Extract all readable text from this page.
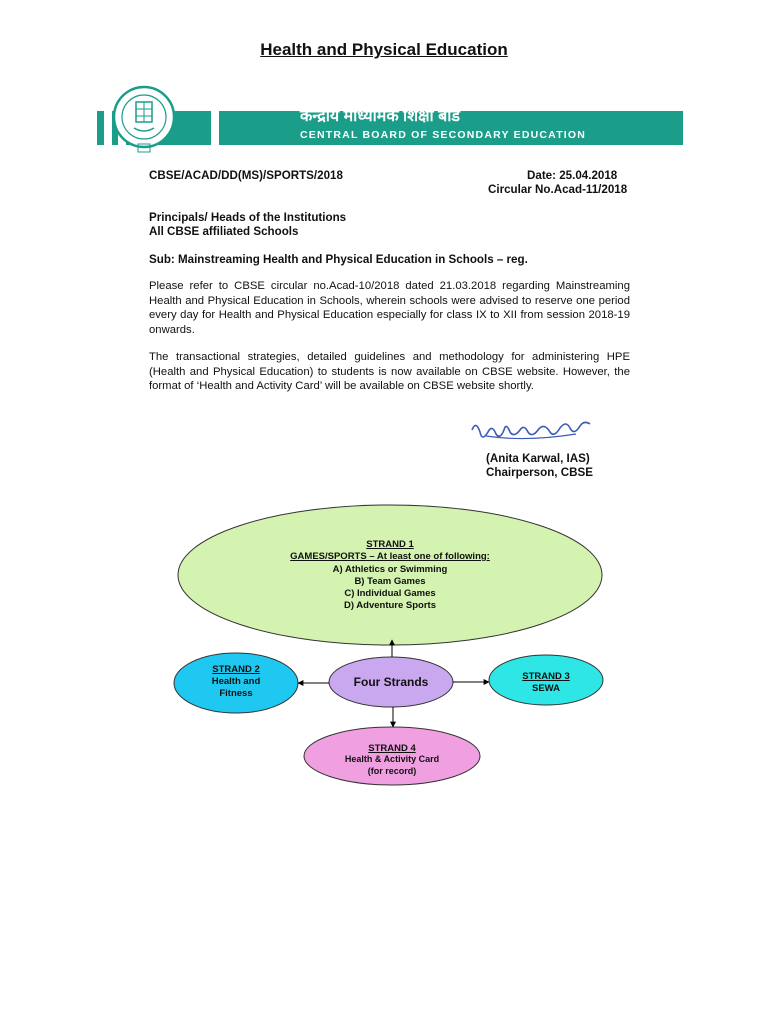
Health and Physical Education
केन्द्रीय माध्यमिक शिक्षा बोर्ड
CENTRAL BOARD OF SECONDARY EDUCATION
CBSE/ACAD/DD(MS)/SPORTS/2018	Date: 25.04.2018
Circular No.Acad-11/2018
Principals/ Heads of the Institutions
All CBSE affiliated Schools
Sub: Mainstreaming Health and Physical Education in Schools – reg.
Please refer to CBSE circular no.Acad-10/2018 dated 21.03.2018 regarding Mainstreaming Health and Physical Education in Schools, wherein schools were advised to reserve one period every day for Health and Physical Education especially for class IX to XII from session 2018-19 onwards.
The transactional strategies, detailed guidelines and methodology for administering HPE (Health and Physical Education) to students is now available on CBSE website. However, the format of ‘Health and Activity Card’ will be available on CBSE website shortly.
(Anita Karwal, IAS)
Chairperson, CBSE
STRAND 1
GAMES/SPORTS – At least one of following:
A) Athletics or Swimming
B) Team Games
C) Individual Games
D) Adventure Sports
STRAND 2
Health and
Fitness
Four Strands	STRAND 3
SEWA
STRAND 4
Health & Activity Card
(for record)
